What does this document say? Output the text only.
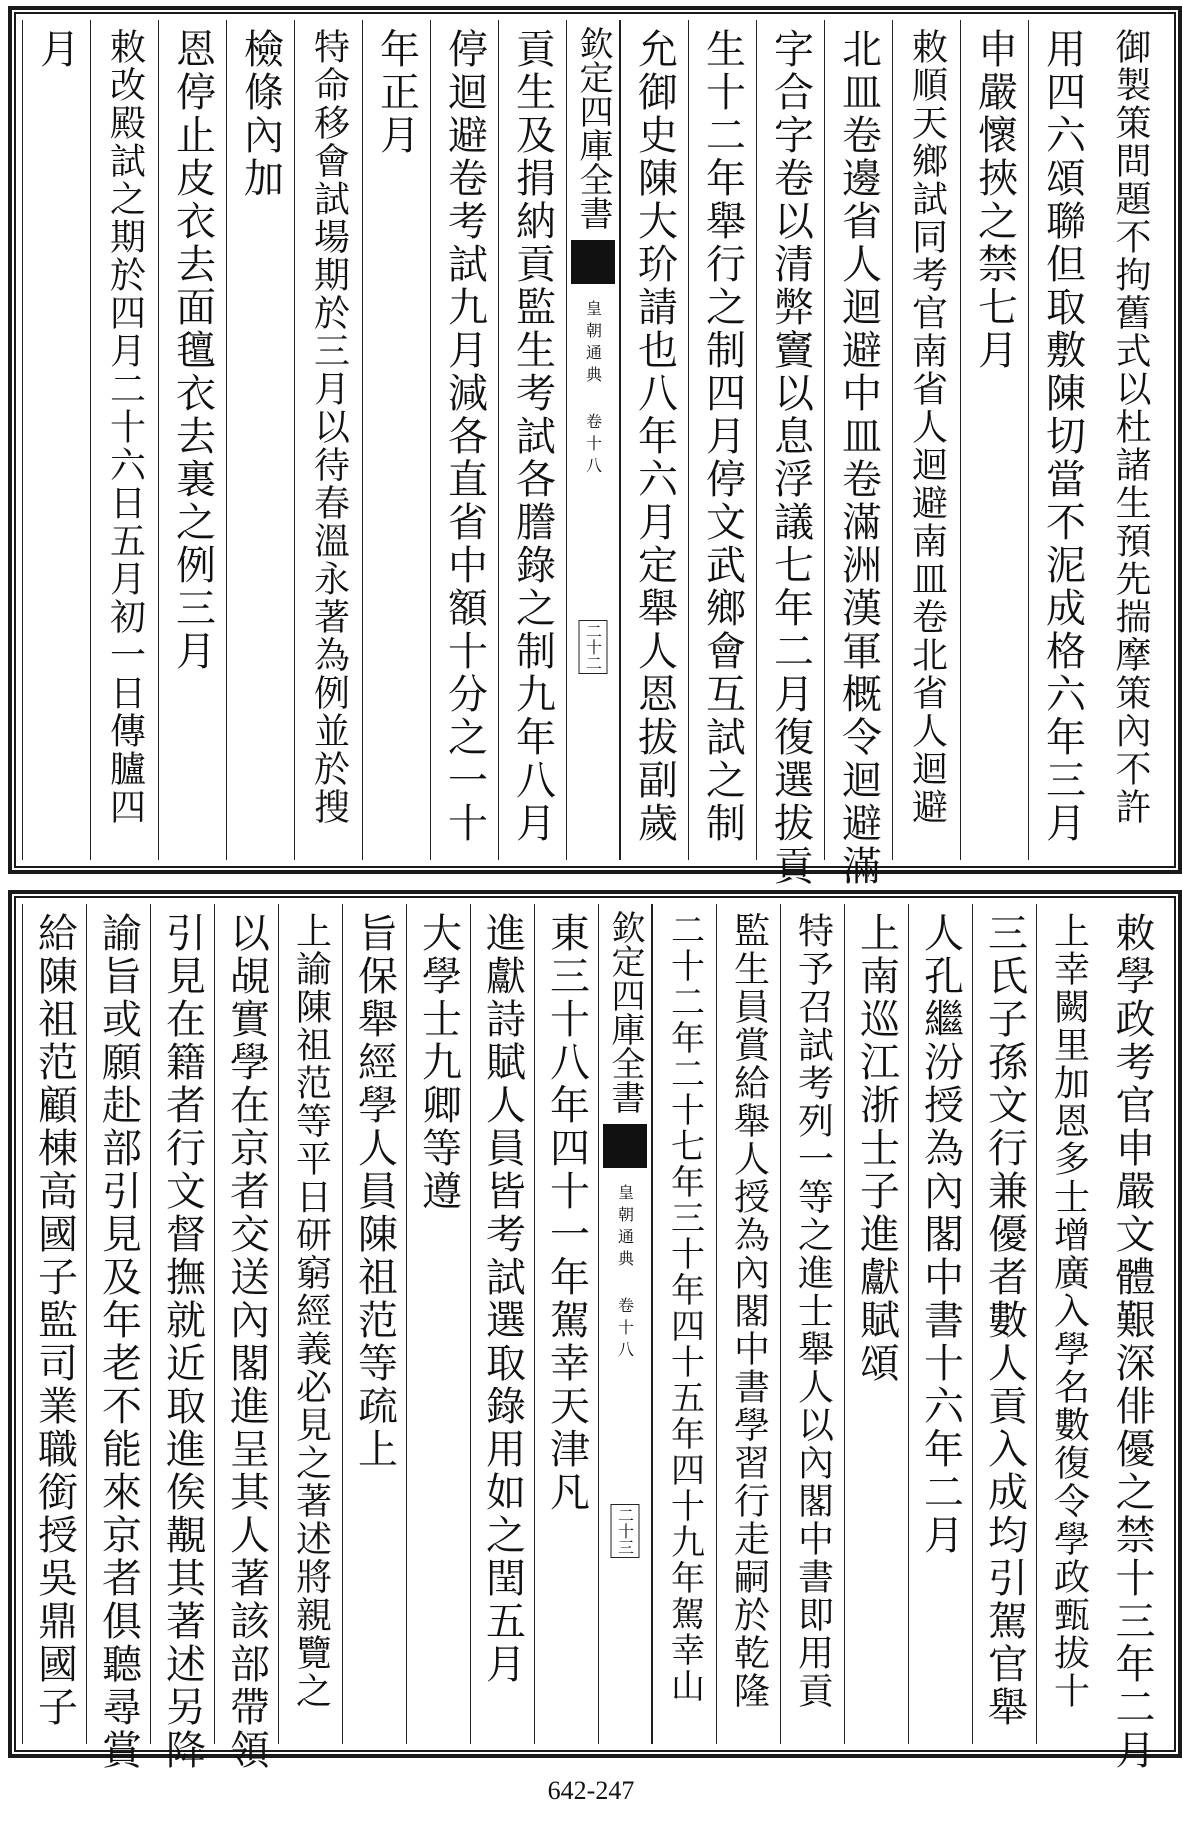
御製策問題不拘舊式以杜諸生預先揣摩策內不許
用四六頌聯但取敷陳切當不泥成格六年三月
申嚴懷挾之禁七月
敕順天鄉試同考官南省人迴避南皿卷北省人迴避
北皿卷邊省人迴避中皿卷滿洲漢軍概令迴避滿
字合字卷以清弊竇以息浮議七年二月復選拔貢
生十二年舉行之制四月停文武鄉會互試之制
允御史陳大玠請也八年六月定舉人恩拔副歲
欽定四庫全書
皇朝通典 卷十八
二十二
貢生及捐納貢監生考試各謄錄之制九年八月
停迴避卷考試九月減各直省中額十分之一十
年正月
特命移會試場期於三月以待春溫永著為例並於搜
檢條內加
恩停止皮衣去面氊衣去裏之例三月
敕改殿試之期於四月二十六日五月初一日傳臚四
月
敕學政考官申嚴文體艱深俳優之禁十三年二月
上幸闕里加恩多士增廣入學名數復令學政甄拔十
三氏子孫文行兼優者數人貢入成均引駕官舉
人孔繼汾授為內閣中書十六年二月
上南巡江浙士子進獻賦頌
特予召試考列一等之進士舉人以內閣中書即用貢
監生員賞給舉人授為內閣中書學習行走嗣於乾隆
二十二年二十七年三十年四十五年四十九年駕幸山
欽定四庫全書
皇朝通典 卷十八
二十三
東三十八年四十一年駕幸天津凡
進獻詩賦人員皆考試選取錄用如之閏五月
大學士九卿等遵
旨保舉經學人員陳祖范等疏上
上諭陳祖范等平日研窮經義必見之著述將親覽之
以覘實學在京者交送內閣進呈其人著該部帶領
引見在籍者行文督撫就近取進俟覯其著述另降
諭旨或願赴部引見及年老不能來京者俱聽尋賞
給陳祖范顧棟高國子監司業職銜授吳鼎國子
642-247
